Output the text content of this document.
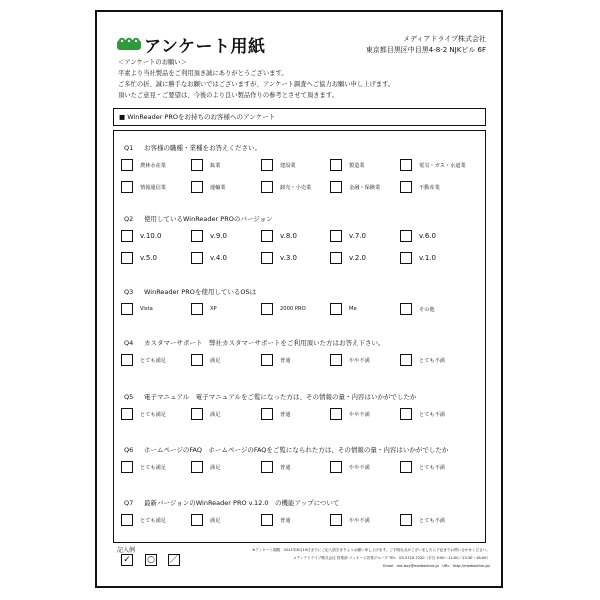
アンケート用紙	メディアドライブ株式会社
東京都目黒区中目黒4-8-2 NJKビル 6F
＜アンケートのお願い＞
平素より当社製品をご利用頂き誠にありがとうございます。
ご多忙の折、誠に勝手なお願いではございますが、アンケート調査へご協力お願い申し上げます。
頂いたご意見・ご要望は、今後のより良い製品作りの参考とさせて頂きます。
■ WinReader PROをお持ちのお客様へのアンケート
Q1 お客様の職種・業種をお答えください。
農林水産業	鉱業	建設業	製造業	電気・ガス・水道業
情報通信業	運輸業	卸売・小売業	金融・保険業	不動産業
Q2 使用しているWinReader PROのバージョン
v.10.0	v.9.0	v.8.0	v.7.0	v.6.0
v.5.0	v.4.0	v.3.0	v.2.0	v.1.0
Q3 WinReader PROを使用しているOSは
Vista	XP	2000 PRO	Me	その他
Q4 カスタマーサポート　弊社カスタマーサポートをご利用頂いた方はお答え下さい。
とても満足	満足	普通	やや不満	とても不満
Q5 電子マニュアル　電子マニュアルをご覧になった方は、その情報の量・内容はいかがでしたか
とても満足	満足	普通	やや不満	とても不満
Q6 ホームページのFAQ　ホームページのFAQをご覧になられた方は、その情報の量・内容はいかがでしたか
とても満足	満足	普通	やや不満	とても不満
Q7 最新バージョンのWinReader PRO v.12.0　の機能アップについて
とても満足	満足	普通	やや不満	とても不満
記入例
✓ ○ ／
※アンケート期限　2011年8月15日までにご記入頂きますようお願い申し上げます。ご不明な点がございましたら下記までお問い合わせください。
メディアドライブ株式会社 営業部 パッケージ営業グループ TEL：03-5720-7220（平日 9:00〜12:00／13:30〜18:00）
Email：md-buy@mediadrive.jp　URL：http://mediadrive.jp/
